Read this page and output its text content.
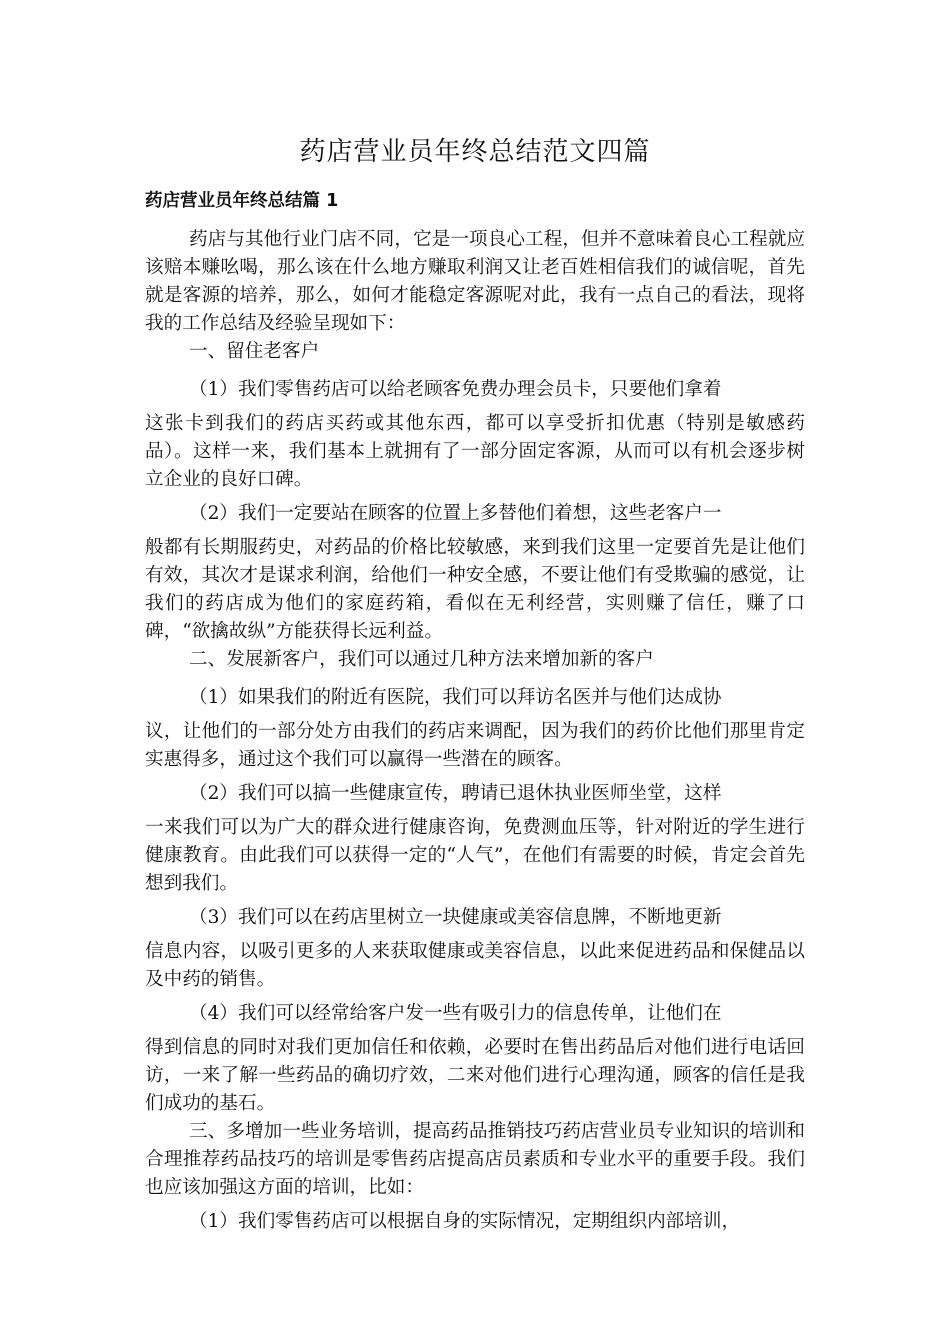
药店营业员年终总结范文四篇
药店营业员年终总结篇 1

药店与其他行业门店不同，它是一项良心工程，但并不意味着良心工程就应该赔本赚吆喝，那么该在什么地方赚取利润又让老百姓相信我们的诚信呢，首先就是客源的培养，那么，如何才能稳定客源呢对此，我有一点自己的看法，现将我的工作总结及经验呈现如下：

一、留住老客户

（1）我们零售药店可以给老顾客免费办理会员卡，只要他们拿着

这张卡到我们的药店买药或其他东西，都可以享受折扣优惠（特别是敏感药品）。这样一来，我们基本上就拥有了一部分固定客源，从而可以有机会逐步树立企业的良好口碑。

（2）我们一定要站在顾客的位置上多替他们着想，这些老客户一

般都有长期服药史，对药品的价格比较敏感，来到我们这里一定要首先是让他们有效，其次才是谋求利润，给他们一种安全感，不要让他们有受欺骗的感觉，让我们的药店成为他们的家庭药箱，看似在无利经营，实则赚了信任，赚了口碑，“欲擒故纵”方能获得长远利益。

二、发展新客户，我们可以通过几种方法来增加新的客户

（1）如果我们的附近有医院，我们可以拜访名医并与他们达成协

议，让他们的一部分处方由我们的药店来调配，因为我们的药价比他们那里肯定实惠得多，通过这个我们可以赢得一些潜在的顾客。

（2）我们可以搞一些健康宣传，聘请已退休执业医师坐堂，这样

一来我们可以为广大的群众进行健康咨询，免费测血压等，针对附近的学生进行健康教育。由此我们可以获得一定的“人气”，在他们有需要的时候，肯定会首先想到我们。

（3）我们可以在药店里树立一块健康或美容信息牌，不断地更新

信息内容，以吸引更多的人来获取健康或美容信息，以此来促进药品和保健品以及中药的销售。

（4）我们可以经常给客户发一些有吸引力的信息传单，让他们在

得到信息的同时对我们更加信任和依赖，必要时在售出药品后对他们进行电话回访，一来了解一些药品的确切疗效，二来对他们进行心理沟通，顾客的信任是我们成功的基石。

三、多增加一些业务培训，提高药品推销技巧药店营业员专业知识的培训和合理推荐药品技巧的培训是零售药店提高店员素质和专业水平的重要手段。我们也应该加强这方面的培训，比如：

（1）我们零售药店可以根据自身的实际情况，定期组织内部培训，
